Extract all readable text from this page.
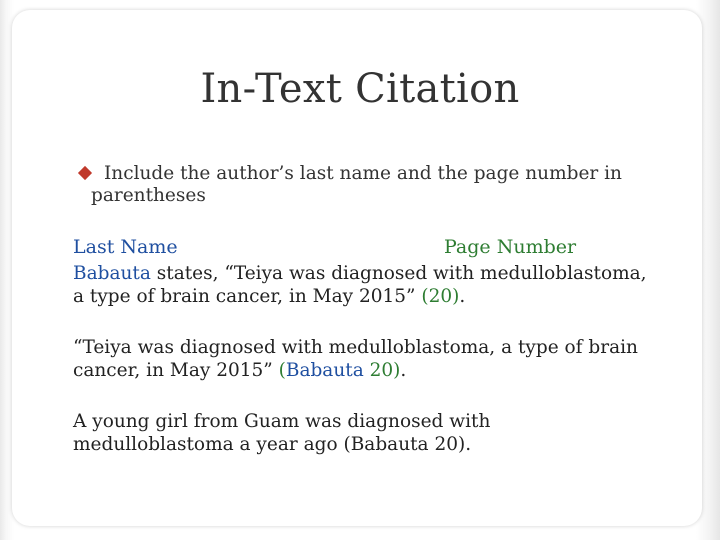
In-Text Citation
Include the author’s last name and the page number in
parentheses
Last Name	Page Number
Babauta states, “Teiya was diagnosed with medulloblastoma,
a type of brain cancer, in May 2015” (20).
“Teiya was diagnosed with medulloblastoma, a type of brain
cancer, in May 2015” (Babauta 20).
A young girl from Guam was diagnosed with
medulloblastoma a year ago (Babauta 20).
